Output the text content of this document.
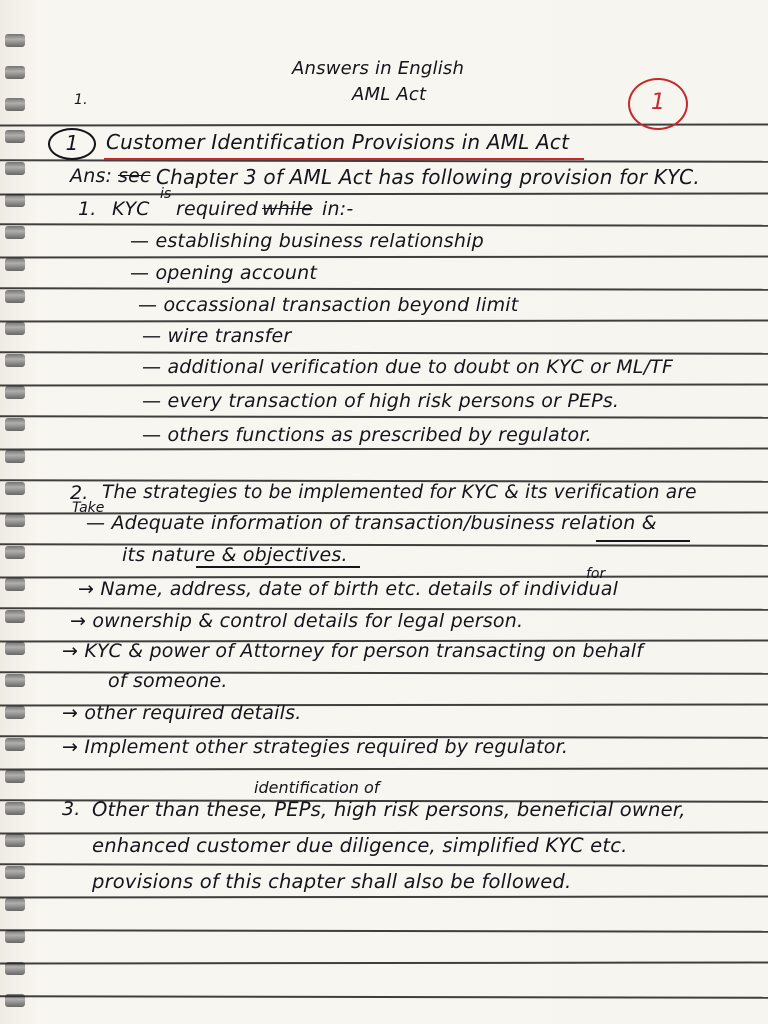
Answers in English
AML Act
1.	1
1	Customer Identification Provisions in AML Act
Ans: sec Chapter 3 of AML Act has following provision for KYC.
1. KYC
is
required while in:-
— establishing business relationship
— opening account
— occassional transaction beyond limit
— wire transfer
— additional verification due to doubt on KYC or ML/TF
— every transaction of high risk persons or PEPs.
— others functions as prescribed by regulator.
2. The strategies to be implemented for KYC & its verification are
Take
— Adequate information of transaction/business relation &
its nature & objectives.
→ Name, address, date of birth etc. details of individual
for
→ ownership & control details for legal person.
→ KYC & power of Attorney for person transacting on behalf
of someone.
→ other required details.
→ Implement other strategies required by regulator.
identification of
3. Other than these, PEPs, high risk persons, beneficial owner,
enhanced customer due diligence, simplified KYC etc.
provisions of this chapter shall also be followed.
